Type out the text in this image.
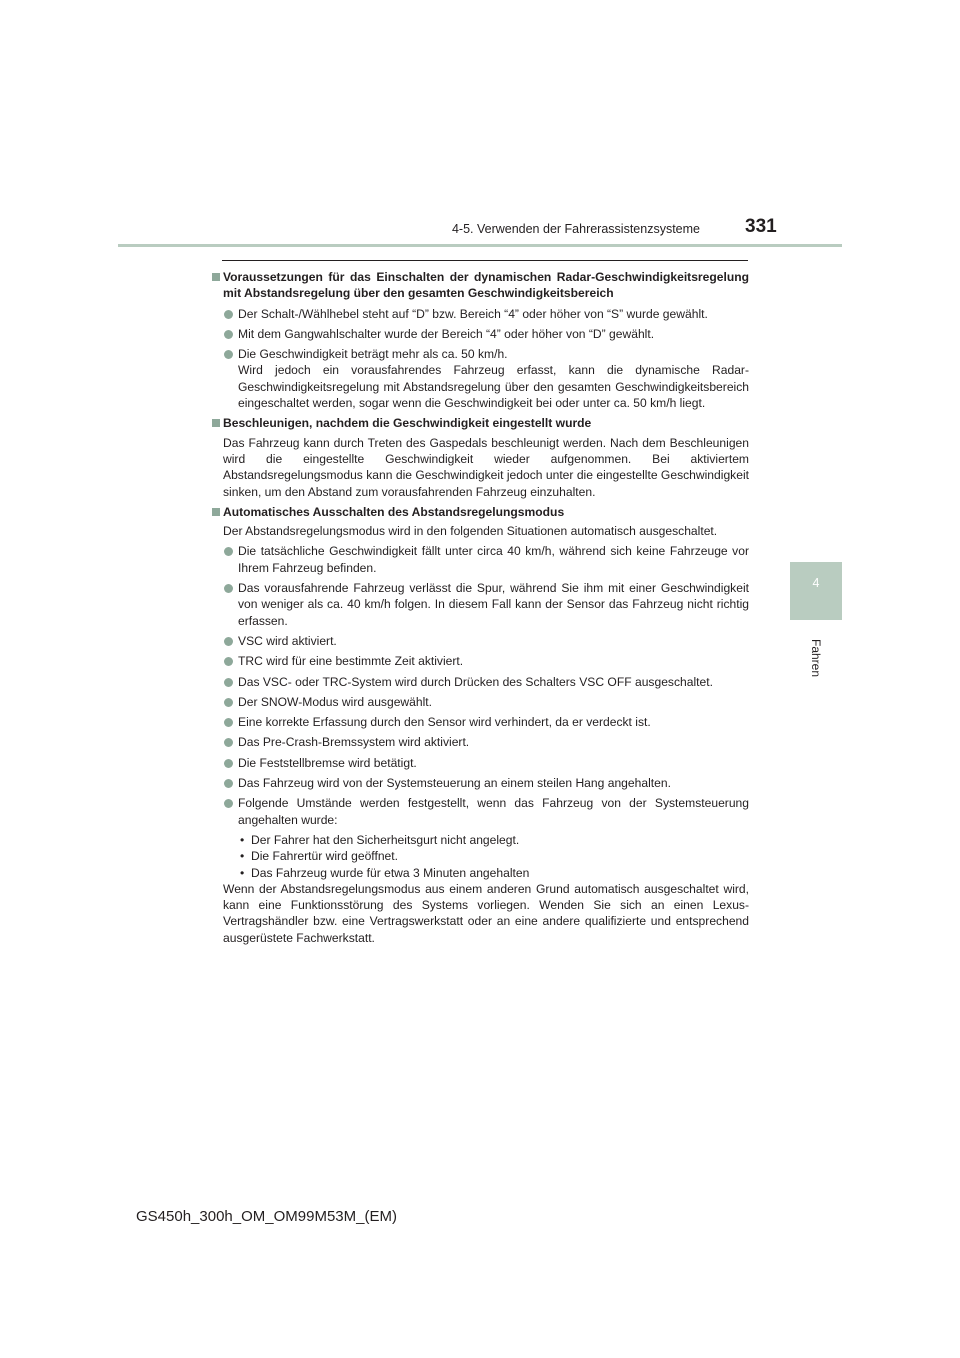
4-5. Verwenden der Fahrerassistenzsysteme 331
4
Fahren

Voraussetzungen für das Einschalten der dynamischen Radar-Geschwindigkeitsregelung mit Abstandsregelung über den gesamten Geschwindigkeitsbereich

Der Schalt-/Wählhebel steht auf “D” bzw. Bereich “4” oder höher von “S” wurde gewählt.

Mit dem Gangwahlschalter wurde der Bereich “4” oder höher von “D” gewählt.

Die Geschwindigkeit beträgt mehr als ca. 50 km/h.
Wird jedoch ein vorausfahrendes Fahrzeug erfasst, kann die dynamische Radar-Geschwindigkeitsregelung mit Abstandsregelung über den gesamten Geschwindigkeitsbereich eingeschaltet werden, sogar wenn die Geschwindigkeit bei oder unter ca. 50 km/h liegt.

Beschleunigen, nachdem die Geschwindigkeit eingestellt wurde

Das Fahrzeug kann durch Treten des Gaspedals beschleunigt werden. Nach dem Beschleunigen wird die eingestellte Geschwindigkeit wieder aufgenommen. Bei aktiviertem Abstandsregelungsmodus kann die Geschwindigkeit jedoch unter die eingestellte Geschwindigkeit sinken, um den Abstand zum vorausfahrenden Fahrzeug einzuhalten.

Automatisches Ausschalten des Abstandsregelungsmodus

Der Abstandsregelungsmodus wird in den folgenden Situationen automatisch ausgeschaltet.

Die tatsächliche Geschwindigkeit fällt unter circa 40 km/h, während sich keine Fahrzeuge vor Ihrem Fahrzeug befinden.

Das vorausfahrende Fahrzeug verlässt die Spur, während Sie ihm mit einer Geschwindigkeit von weniger als ca. 40 km/h folgen. In diesem Fall kann der Sensor das Fahrzeug nicht richtig erfassen.

VSC wird aktiviert.

TRC wird für eine bestimmte Zeit aktiviert.

Das VSC- oder TRC-System wird durch Drücken des Schalters VSC OFF ausgeschaltet.

Der SNOW-Modus wird ausgewählt.

Eine korrekte Erfassung durch den Sensor wird verhindert, da er verdeckt ist.

Das Pre-Crash-Bremssystem wird aktiviert.

Die Feststellbremse wird betätigt.

Das Fahrzeug wird von der Systemsteuerung an einem steilen Hang angehalten.

Folgende Umstände werden festgestellt, wenn das Fahrzeug von der Systemsteuerung angehalten wurde:

• Der Fahrer hat den Sicherheitsgurt nicht angelegt.

• Die Fahrertür wird geöffnet.

• Das Fahrzeug wurde für etwa 3 Minuten angehalten

Wenn der Abstandsregelungsmodus aus einem anderen Grund automatisch ausgeschaltet wird, kann eine Funktionsstörung des Systems vorliegen. Wenden Sie sich an einen Lexus-Vertragshändler bzw. eine Vertragswerkstatt oder an eine andere qualifizierte und entsprechend ausgerüstete Fachwerkstatt.

GS450h_300h_OM_OM99M53M_(EM)
